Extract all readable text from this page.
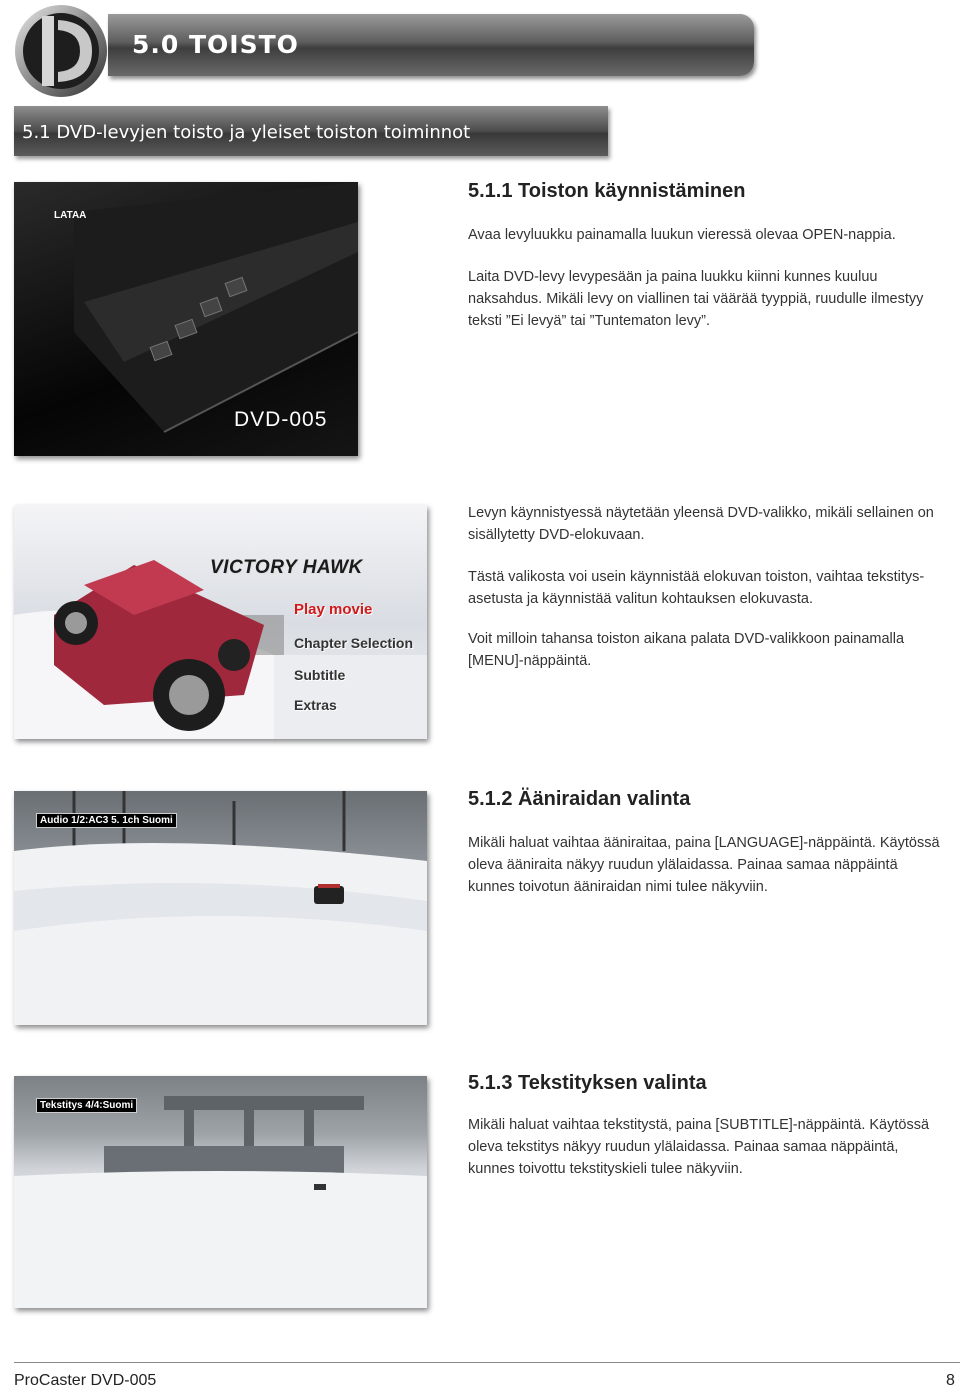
5.0 TOISTO
5.1 DVD-levyjen toisto ja yleiset toiston toiminnot
LATAA
DVD-005
VICTORY HAWK
Play movie
Chapter Selection
Subtitle
Extras
Audio 1/2:AC3 5. 1ch Suomi
Tekstitys 4/4:Suomi
5.1.1 Toiston käynnistäminen
Avaa levyluukku painamalla luukun vieressä olevaa OPEN-nappia.
Laita DVD-levy levypesään ja paina luukku kiinni kunnes kuuluu naksahdus. Mikäli levy on viallinen tai väärää tyyppiä, ruudulle ilmestyy teksti ”Ei levyä” tai ”Tuntematon levy”.
Levyn käynnistyessä näytetään yleensä DVD-valikko, mikäli sellainen on sisällytetty DVD-elokuvaan.
Tästä valikosta voi usein käynnistää elokuvan toiston, vaihtaa tekstitys-asetusta ja käynnistää valitun kohtauksen elokuvasta.
Voit milloin tahansa toiston aikana palata DVD-valikkoon painamalla [MENU]-näppäintä.
5.1.2 Ääniraidan valinta
Mikäli haluat vaihtaa ääniraitaa, paina [LANGUAGE]-näppäintä. Käytössä oleva ääniraita näkyy ruudun ylälaidassa. Painaa samaa näppäintä kunnes toivotun ääniraidan nimi tulee näkyviin.
5.1.3 Tekstityksen valinta
Mikäli haluat vaihtaa tekstitystä, paina [SUBTITLE]-näppäintä. Käytössä oleva tekstitys näkyy ruudun ylälaidassa. Painaa samaa näppäintä, kunnes toivottu tekstityskieli tulee näkyviin.
ProCaster DVD-005	8
